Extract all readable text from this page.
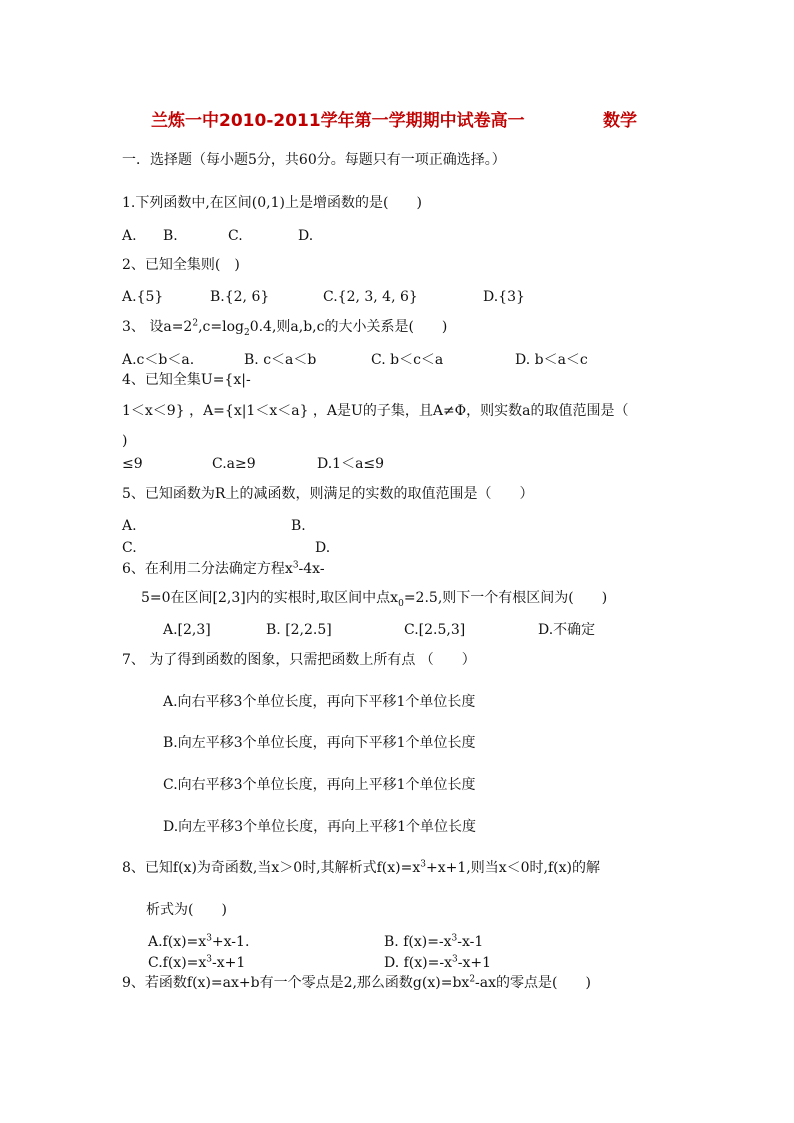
兰炼一中2010-2011学年第一学期期中试卷高一	数学
一．选择题（每小题5分，共60分。每题只有一项正确选择。）
1.下列函数中,在区间(0,1)上是增函数的是(　　)
A. B.	C.	D.
2、已知全集则(　)
A.{5}	B.{2, 6}	C.{2, 3, 4, 6}	D.{3}
3、 设$a=2^2,c=\log_20.4$,则a,b,c的大小关系是(　　)
A.c＜b＜a.	B. c＜a＜b	C. b＜c＜a	D. b＜a＜c
4、已知全集U={x|-
1＜x＜9} ，A={x|1＜x＜a} ，A是U的子集，且A≠Φ，则实数a的取值范围是（
)
≤9	C.a≥9	D.1＜a≤9
5、已知函数为R上的减函数，则满足的实数的取值范围是（　　）
A.	B.
C.	D.
6、在利用二分法确定方程$x^3-4x-$
5=0在区间[2,3]内的实根时,取区间中点$x_0=2.5$,则下一个有根区间为(　　)
A.[2,3]	B. [2,2.5]	C.[2.5,3]	D.不确定
7、 为了得到函数的图象，只需把函数上所有点 （　　）
A.向右平移3个单位长度，再向下平移1个单位长度
B.向左平移3个单位长度，再向下平移1个单位长度
C.向右平移3个单位长度，再向上平移1个单位长度
D.向左平移3个单位长度，再向上平移1个单位长度
8、已知f(x)为奇函数,当x＞0时,其解析式$f(x)=x^3+x+1$,则当x＜0时,f(x)的解
析式为(　　)
$A.f(x)=x^3+x-1$.	B. $f(x)=-x^3-x-1$
$C.f(x)=x^3-x+1$	D. $f(x)=-x^3-x+1$
9、若函数f(x)=ax+b有一个零点是2,那么函数$g(x)=bx^2-ax$的零点是(　　)
